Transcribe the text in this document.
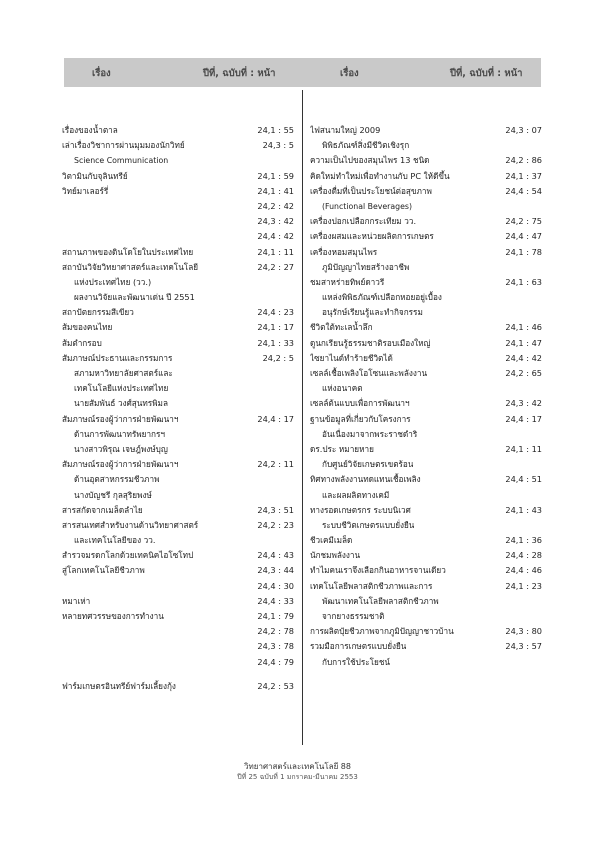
เรื่อง	ปีที่, ฉบับที่ : หน้า	เรื่อง	ปีที่, ฉบับที่ : หน้า
เรื่องของน้ำตาล	24,1 : 55
เล่าเรื่องวิชาการผ่านมุมมองนักวิทย์	24,3 : 5
Science Communication
วิตามินกับจุลินทรีย์	24,1 : 59
วิทย์มาเลอร์รี่	24,1 : 41
24,2 : 42
24,3 : 42
24,4 : 42
สถานภาพของดินโดโยในประเทศไทย	24,1 : 11
สถาบันวิจัยวิทยาศาสตร์และเทคโนโลยี	24,2 : 27
แห่งประเทศไทย (วว.)
ผลงานวิจัยและพัฒนาเด่น ปี 2551
สถาปัตยกรรมสีเขียว	24,4 : 23
ส้มของคนไทย	24,1 : 17
ส้มตำกรอบ	24,1 : 33
สัมภาษณ์ประธานและกรรมการ	24,2 : 5
สภามหาวิทยาลัยศาสตร์และ
เทคโนโลยีแห่งประเทศไทย
นายสัมพันธ์ วงศ์สุนทรพิมล
สัมภาษณ์รองผู้ว่าการฝ่ายพัฒนาฯ	24,4 : 17
ด้านการพัฒนาทรัพยากรฯ
นางสาวพิรุณ เจษฎ์พงษ์บุญ
สัมภาษณ์รองผู้ว่าการฝ่ายพัฒนาฯ	24,2 : 11
ด้านอุตสาหกรรมชีวภาพ
นางบัญชรี กุลสุริยพงษ์
สารสกัดจากเมล็ดลำไย	24,3 : 51
สารสนเทศสำหรับงานด้านวิทยาศาสตร์	24,2 : 23
และเทคโนโลยีของ วว.
สำรวจมรดกโลกด้วยเทคนิคไอโซโทป	24,4 : 43
สู่โลกเทคโนโลยีชีวภาพ	24,3 : 44
24,4 : 30
หมาเห่า	24,4 : 33
หลายทศวรรษของการทำงาน	24,1 : 79
24,2 : 78
24,3 : 78
24,4 : 79
ฟาร์มเกษตรอินทรีย์ฟาร์มเลี้ยงกุ้ง	24,2 : 53
ไฟสนามใหญ่ 2009	24,3 : 07
พิพิธภัณฑ์สิ่งมีชีวิตเชิงรุก
ความเป็นไปของสมุนไพร 13 ชนิด	24,2 : 86
คิดใหม่ทำใหม่เพื่อทำงานกับ PC ให้ดีขึ้น	24,1 : 37
เครื่องดื่มที่เป็นประโยชน์ต่อสุขภาพ	24,4 : 54
(Functional Beverages)
เครื่องปอกเปลือกกระเทียม วว.	24,2 : 75
เครื่องผสมและหน่วยผลิตการเกษตร	24,4 : 47
เครื่องหอมสมุนไพร	24,1 : 78
ภูมิปัญญาไทยสร้างอาชีพ
ชมสาหร่ายทิพย์ดาวรี	24,1 : 63
แหล่งพิพิธภัณฑ์เปลือกหอยอยู่เบื้อง
อนุรักษ์เรียนรู้และทำกิจกรรม
ชีวิตใต้ทะเลน้ำลึก	24,1 : 46
ดูนกเรียนรู้ธรรมชาติรอบเมืองใหญ่	24,1 : 47
ไซยาไนด์ทำร้ายชีวิตได้	24,4 : 42
เซลล์เชื้อเพลิงโอโซนและพลังงาน	24,2 : 65
แห่งอนาคต
เซลล์ต้นแบบเพื่อการพัฒนาฯ	24,3 : 42
ฐานข้อมูลที่เกี่ยวกับโครงการ	24,4 : 17
อันเนื่องมาจากพระราชดำริ
ดร.ประ หมายหาย	24,1 : 11
กับศูนย์วิจัยเกษตรเขตร้อน
ทิศทางพลังงานทดแทนเชื้อเพลิง	24,4 : 51
และผลผลิตทางเคมี
ทางรอดเกษตรกร ระบบนิเวศ	24,1 : 43
ระบบชีวิตเกษตรแบบยั่งยืน
ชีวเคมีเมล็ด	24,1 : 36
นักชมพลังงาน	24,4 : 28
ทำไมคนเราจึงเลือกกินอาหารจานเดียว	24,4 : 46
เทคโนโลยีพลาสติกชีวภาพและการ	24,1 : 23
พัฒนาเทคโนโลยีพลาสติกชีวภาพ
จากยางธรรมชาติ
การผลิตปุ๋ยชีวภาพจากภูมิปัญญาชาวบ้าน	24,3 : 80
รวมมือการเกษตรแบบยั่งยืน	24,3 : 57
กับการใช้ประโยชน์
วิทยาศาสตร์และเทคโนโลยี 88
ปีที่ 25 ฉบับที่ 1 มกราคม-มีนาคม 2553
